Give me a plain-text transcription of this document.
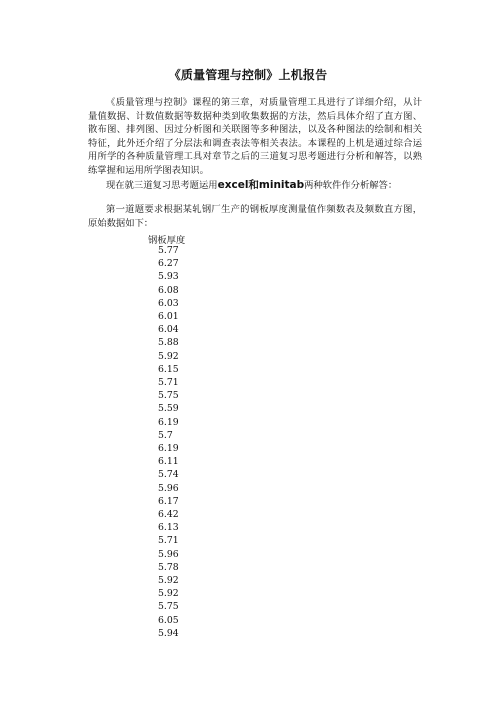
《质量管理与控制》上机报告
《质量管理与控制》课程的第三章，对质量管理工具进行了详细介绍，从计量值数据、计数值数据等数据种类到收集数据的方法，然后具体介绍了直方图、散布图、排列图、因过分析图和关联图等多种图法，以及各种图法的绘制和相关特征，此外还介绍了分层法和调查表法等相关表法。本课程的上机是通过综合运用所学的各种质量管理工具对章节之后的三道复习思考题进行分析和解答，以熟练掌握和运用所学图表知识。
现在就三道复习思考题运用excel和minitab两种软件作分析解答：
第一道题要求根据某轧钢厂生产的钢板厚度测量值作频数表及频数直方图，原始数据如下：
钢板厚度
5.77
6.27
5.93
6.08
6.03
6.01
6.04
5.88
5.92
6.15
5.71
5.75
5.59
6.19
5.7
6.19
6.11
5.74
5.96
6.17
6.42
6.13
5.71
5.96
5.78
5.92
5.92
5.75
6.05
5.94
